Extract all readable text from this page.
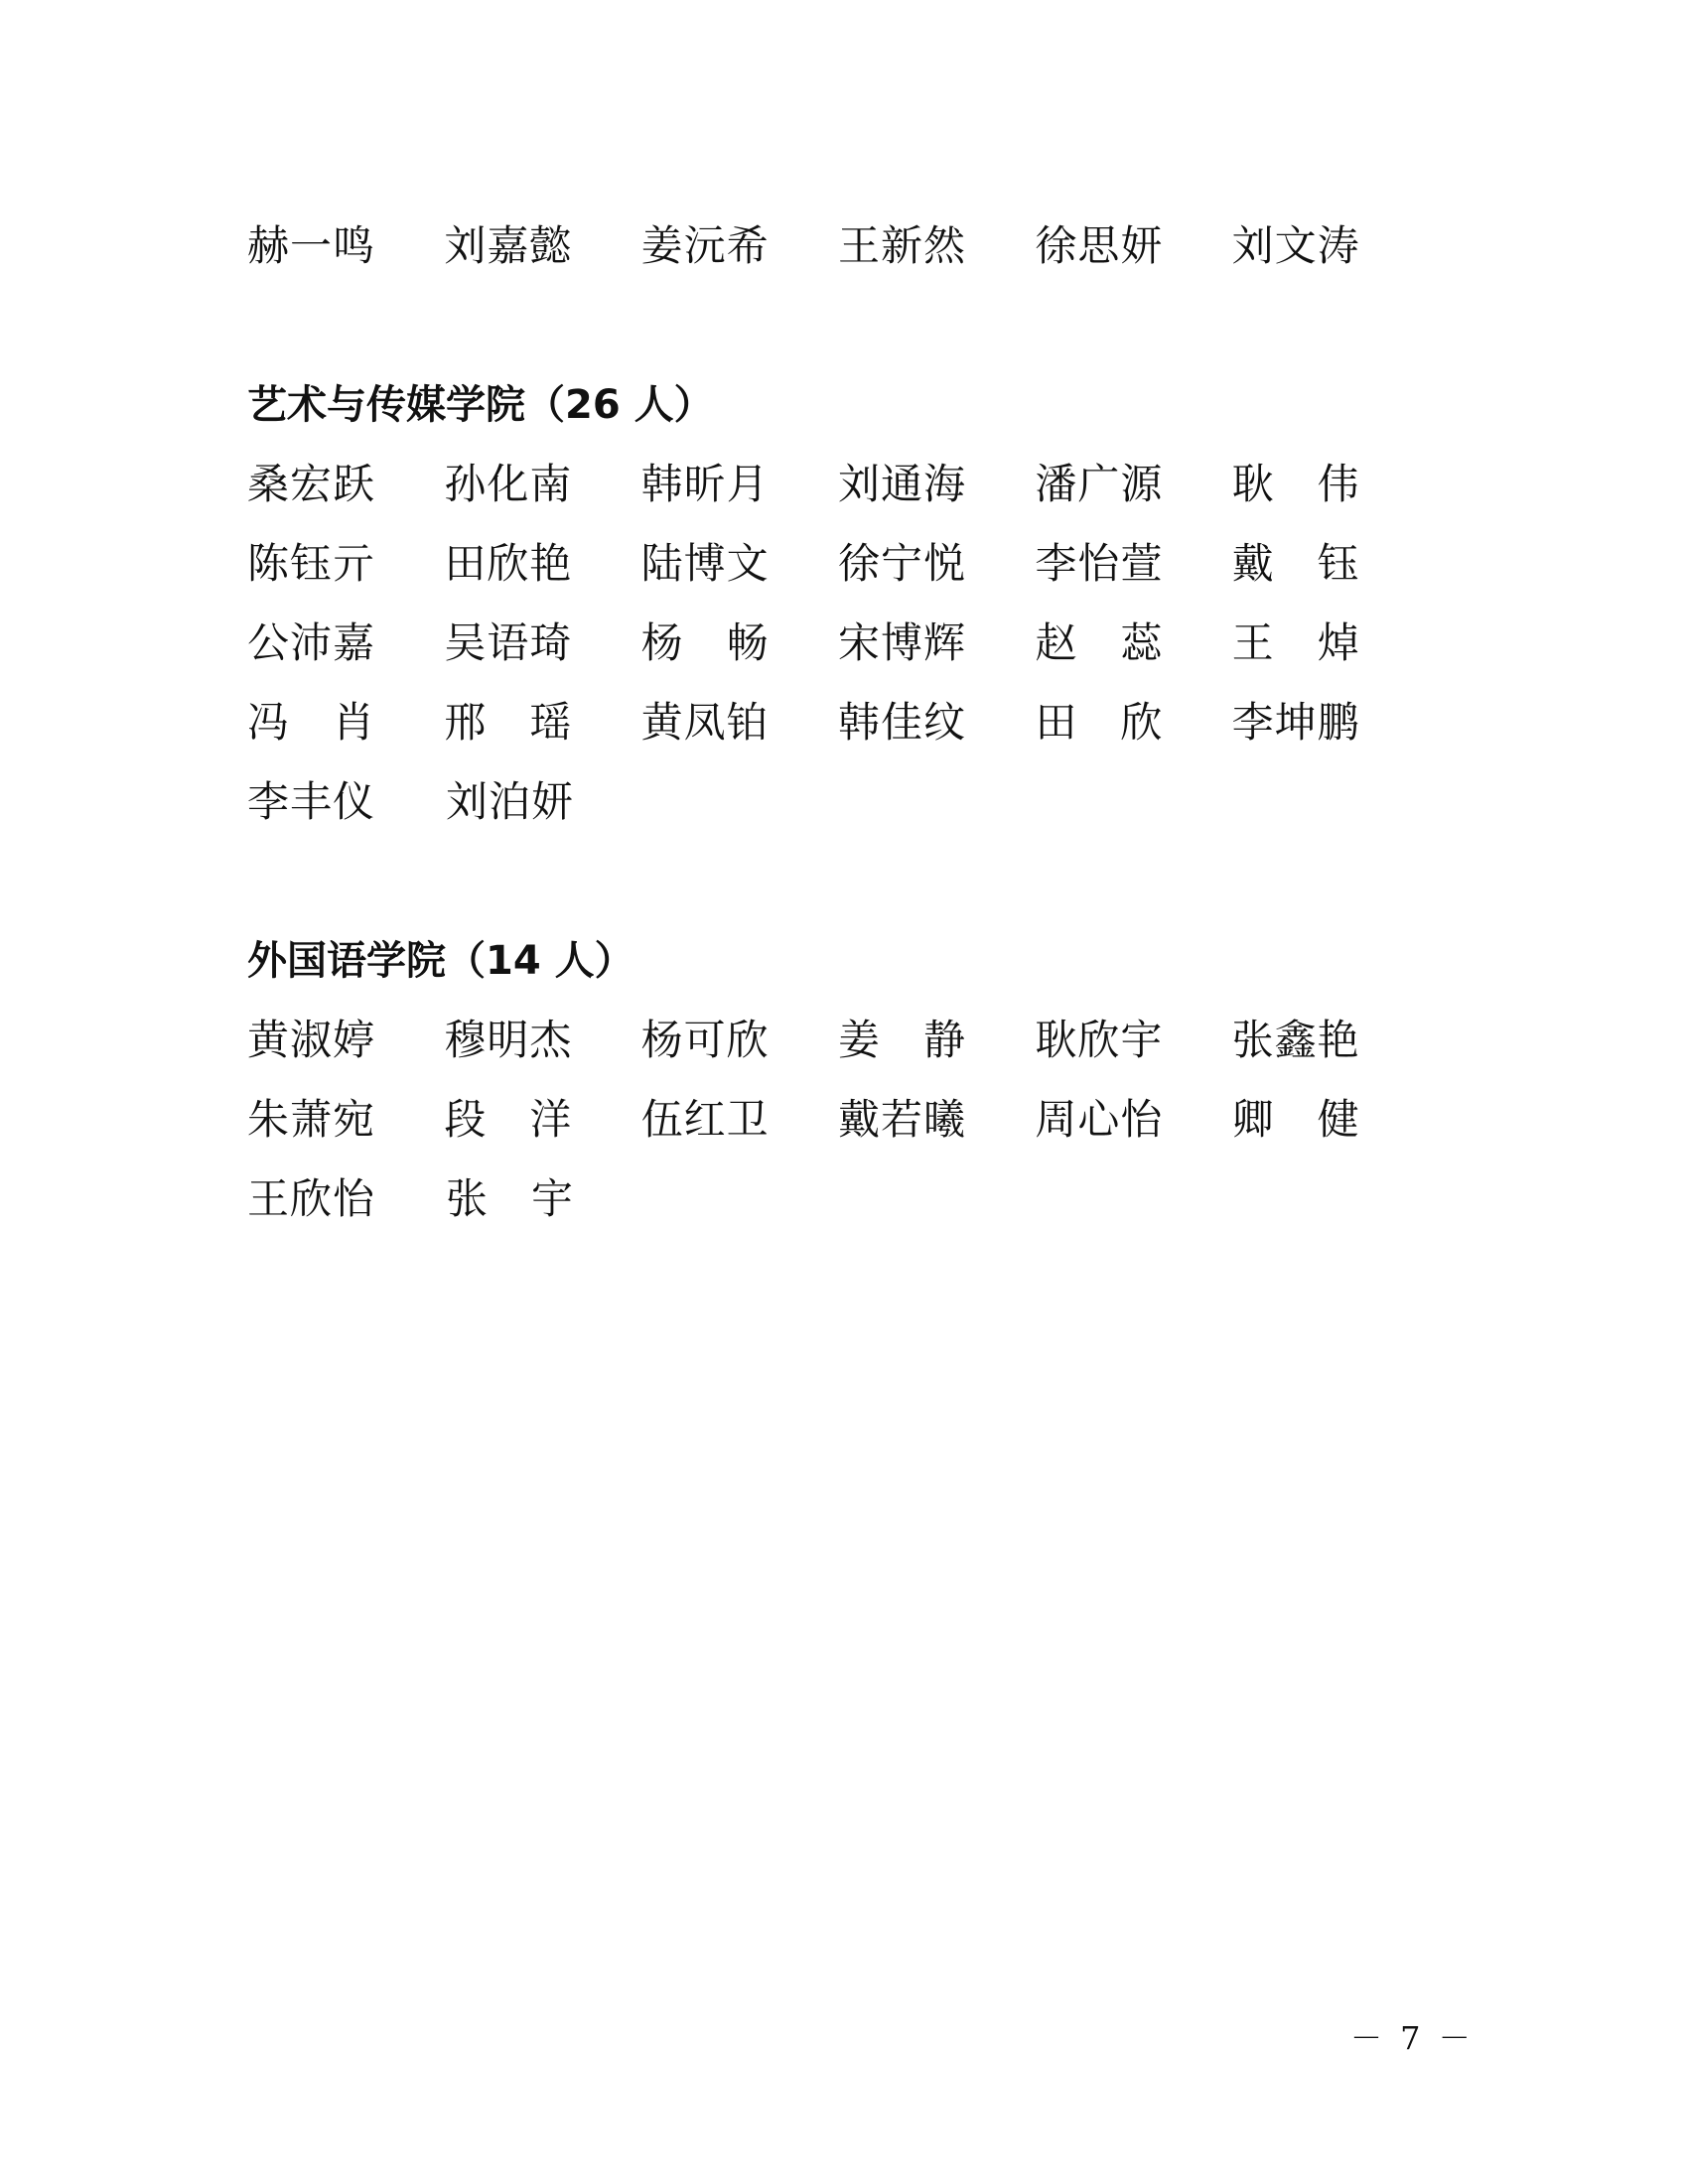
赫一鸣	刘嘉懿	姜沅希	王新然	徐思妍	刘文涛
艺术与传媒学院（26 人）
桑宏跃	孙化南	韩昕月	刘通海	潘广源	耿　伟
陈钰亓	田欣艳	陆博文	徐宁悦	李怡萱	戴　钰
公沛嘉	吴语琦	杨　畅	宋博辉	赵　蕊	王　焯
冯　肖	邢　瑶	黄凤铂	韩佳纹	田　欣	李坤鹏
李丰仪	刘泊妍
外国语学院（14 人）
黄淑婷	穆明杰	杨可欣	姜　静	耿欣宇	张鑫艳
朱萧宛	段　洋	伍红卫	戴若曦	周心怡	卿　健
王欣怡	张　宇
－ 7 －
